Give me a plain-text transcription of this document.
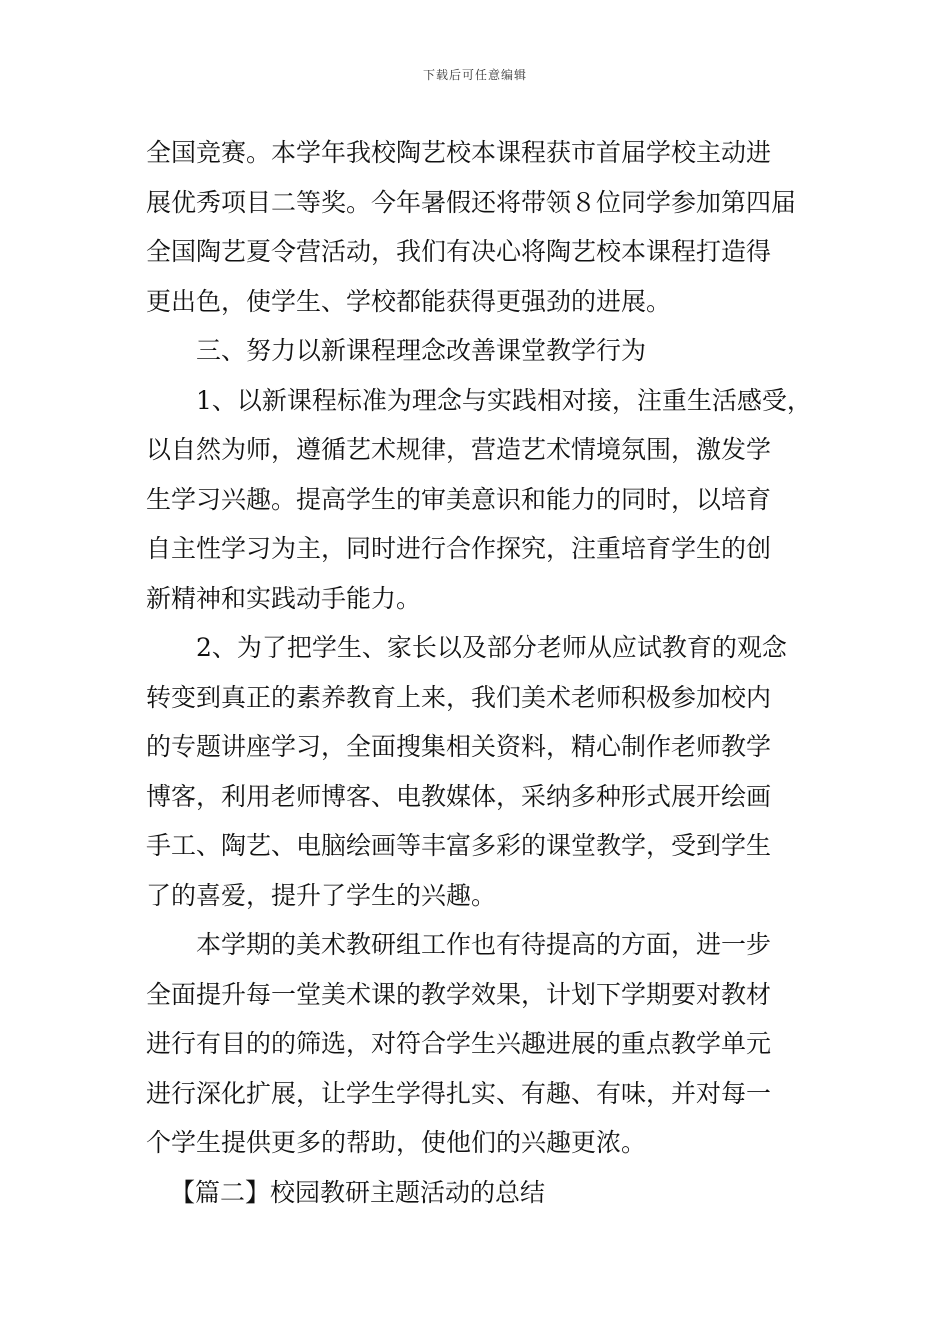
下载后可任意编辑
全国竞赛。本学年我校陶艺校本课程获市首届学校主动进
展优秀项目二等奖。今年暑假还将带领８位同学参加第四届
全国陶艺夏令营活动，我们有决心将陶艺校本课程打造得
更出色，使学生、学校都能获得更强劲的进展。
三、努力以新课程理念改善课堂教学行为
1、以新课程标准为理念与实践相对接，注重生活感受，
以自然为师，遵循艺术规律，营造艺术情境氛围，激发学
生学习兴趣。提高学生的审美意识和能力的同时，以培育
自主性学习为主，同时进行合作探究，注重培育学生的创
新精神和实践动手能力。
2、为了把学生、家长以及部分老师从应试教育的观念
转变到真正的素养教育上来，我们美术老师积极参加校内
的专题讲座学习，全面搜集相关资料，精心制作老师教学
博客，利用老师博客、电教媒体，采纳多种形式展开绘画
手工、陶艺、电脑绘画等丰富多彩的课堂教学，受到学生
了的喜爱，提升了学生的兴趣。
本学期的美术教研组工作也有待提高的方面，进一步
全面提升每一堂美术课的教学效果，计划下学期要对教材
进行有目的的筛选，对符合学生兴趣进展的重点教学单元
进行深化扩展，让学生学得扎实、有趣、有味，并对每一
个学生提供更多的帮助，使他们的兴趣更浓。
【篇二】校园教研主题活动的总结
